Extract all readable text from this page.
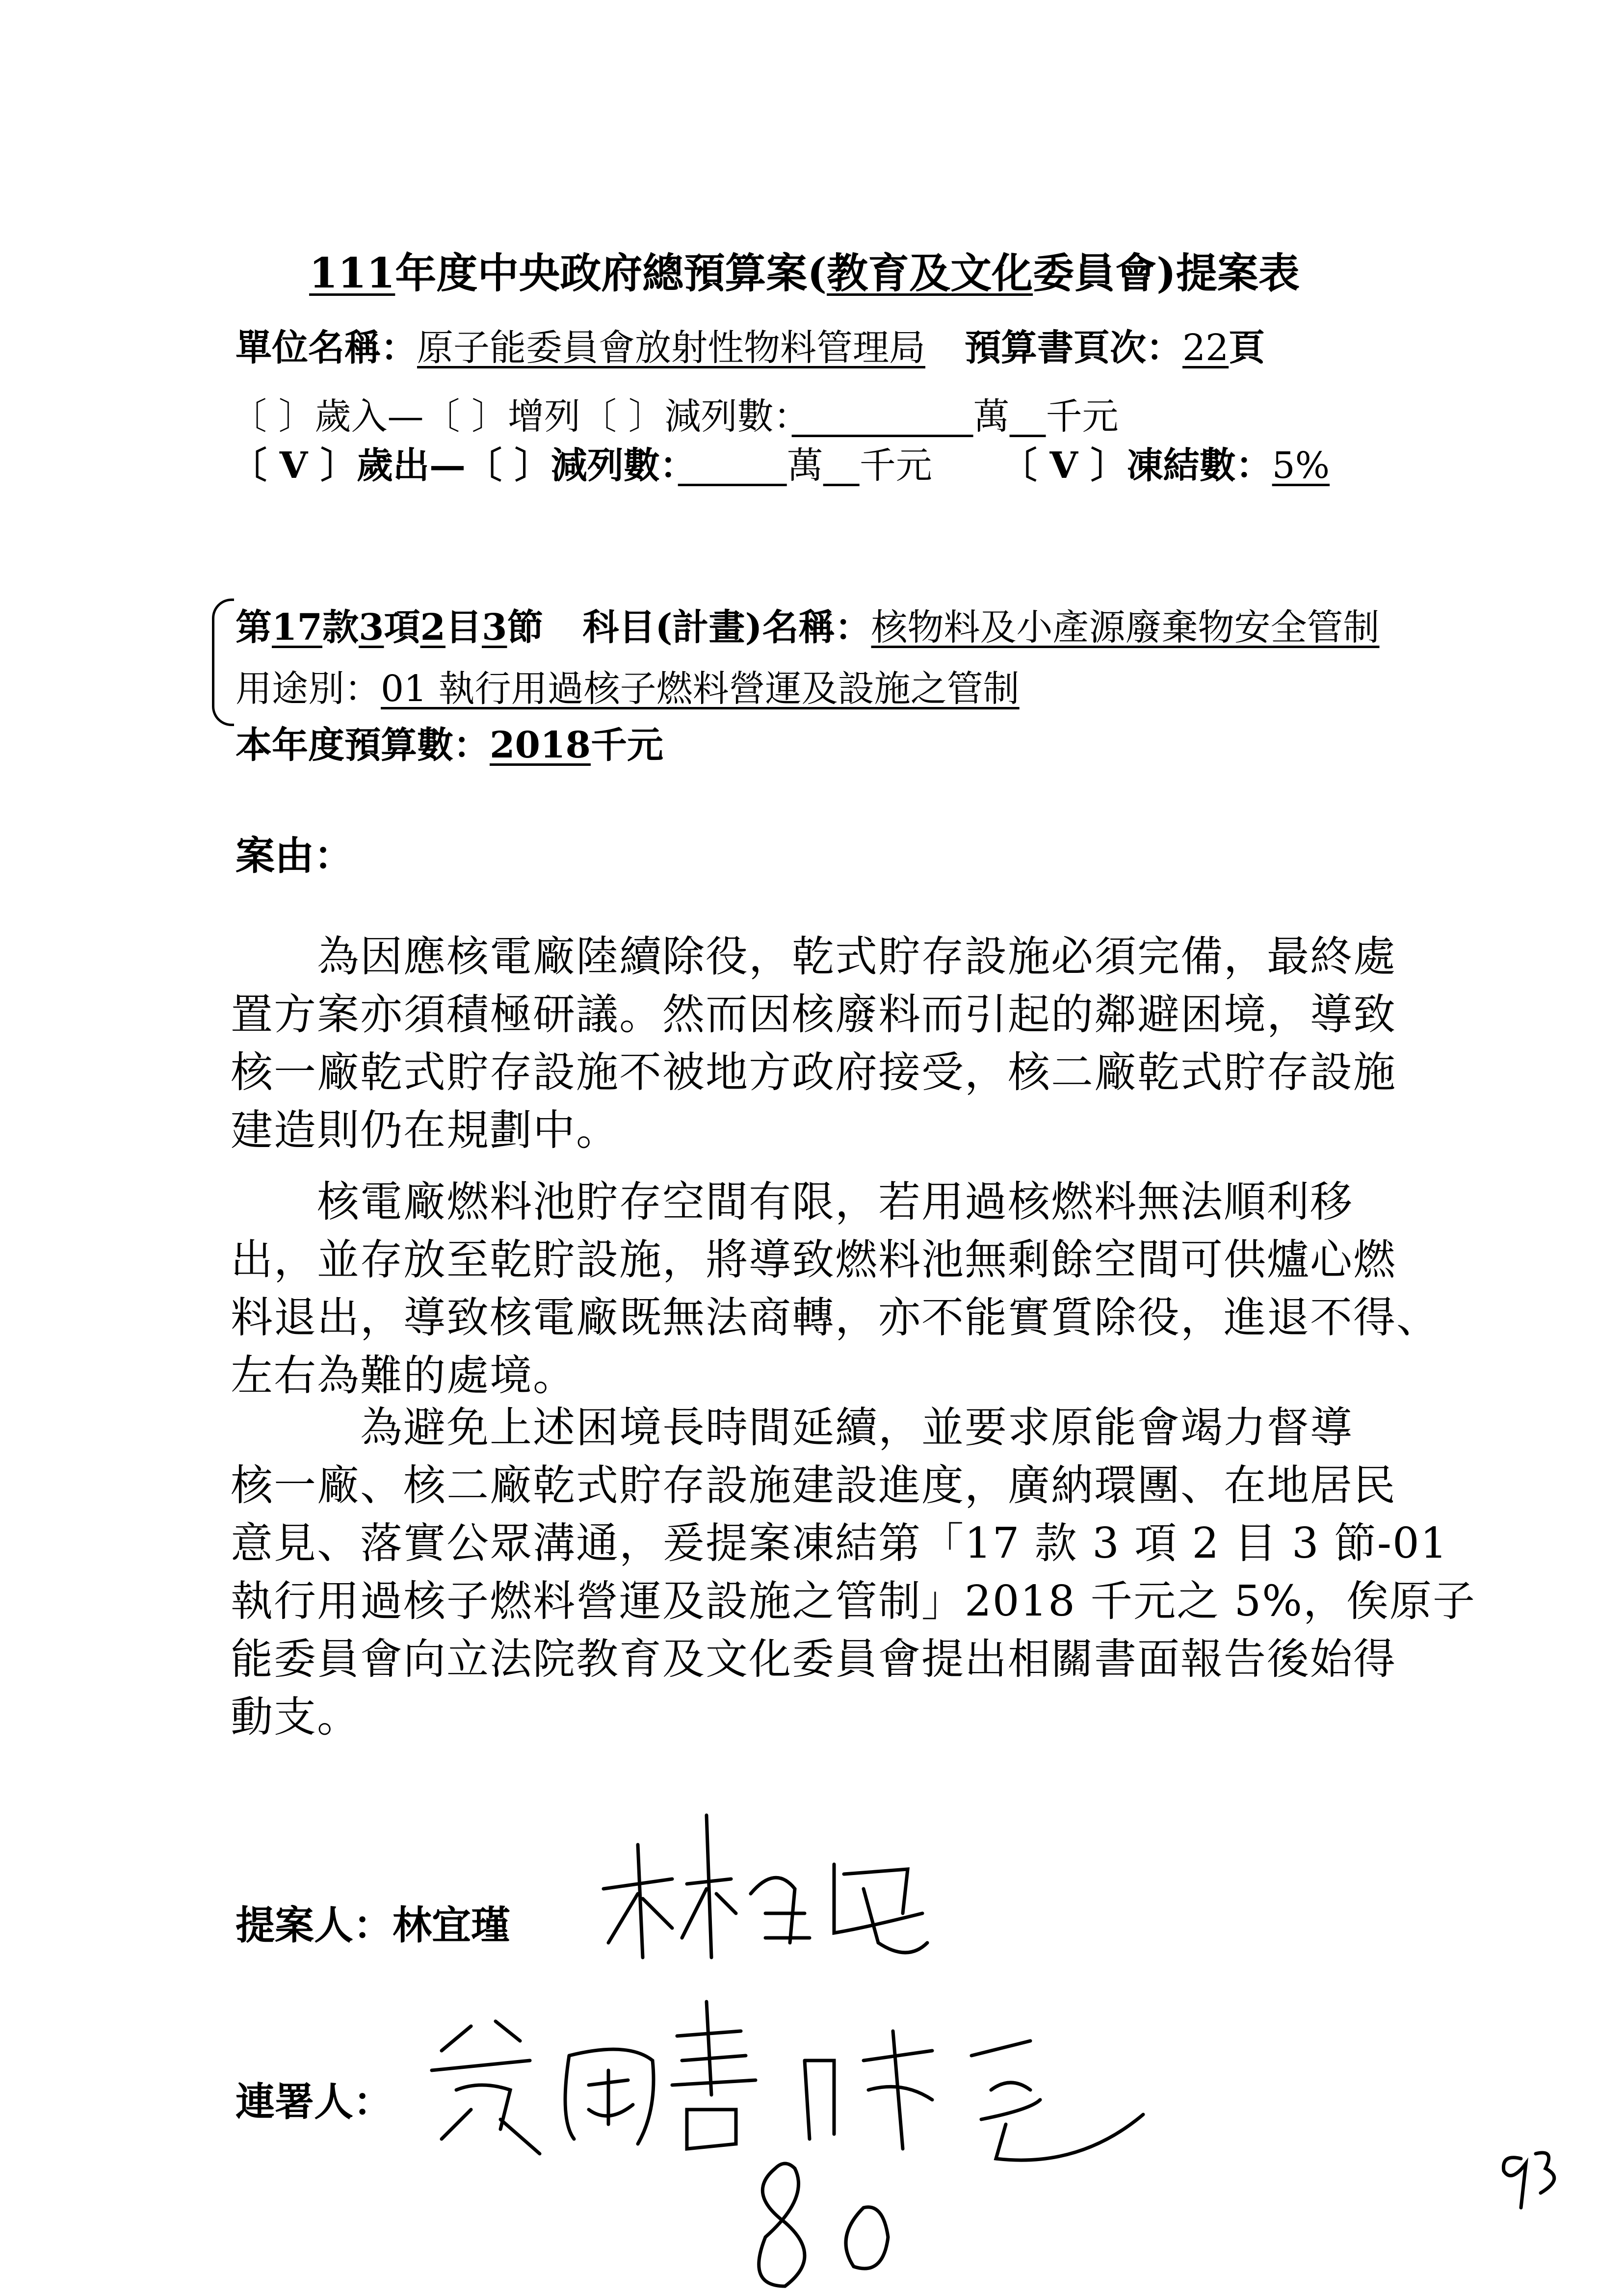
111年度中央政府總預算案(教育及文化委員會)提案表
單位名稱：原子能委員會放射性物料管理局 預算書頁次：22頁
〔 〕歲入—〔 〕增列〔 〕減列數：　　　　　	萬　 千元
〔 V 〕歲出—〔 〕減列數：　　　	萬　 千元 〔 V 〕凍結數：5%
第17款3項2目3節 科目(計畫)名稱：核物料及小產源廢棄物安全管制
用途別：01 執行用過核子燃料營運及設施之管制
本年度預算數：2018千元
案由：
　　為因應核電廠陸續除役，乾式貯存設施必須完備，最終處
置方案亦須積極研議。然而因核廢料而引起的鄰避困境，導致
核一廠乾式貯存設施不被地方政府接受，核二廠乾式貯存設施
建造則仍在規劃中。
　　核電廠燃料池貯存空間有限，若用過核燃料無法順利移
出，並存放至乾貯設施，將導致燃料池無剩餘空間可供爐心燃
料退出，導致核電廠既無法商轉，亦不能實質除役，進退不得、
左右為難的處境。
　　　為避免上述困境長時間延續，並要求原能會竭力督導
核一廠、核二廠乾式貯存設施建設進度，廣納環團、在地居民
意見、落實公眾溝通，爰提案凍結第「17 款 3 項 2 目 3 節-01
執行用過核子燃料營運及設施之管制」2018 千元之 5%，俟原子
能委員會向立法院教育及文化委員會提出相關書面報告後始得
動支。
提案人：林宜瑾
連署人：
